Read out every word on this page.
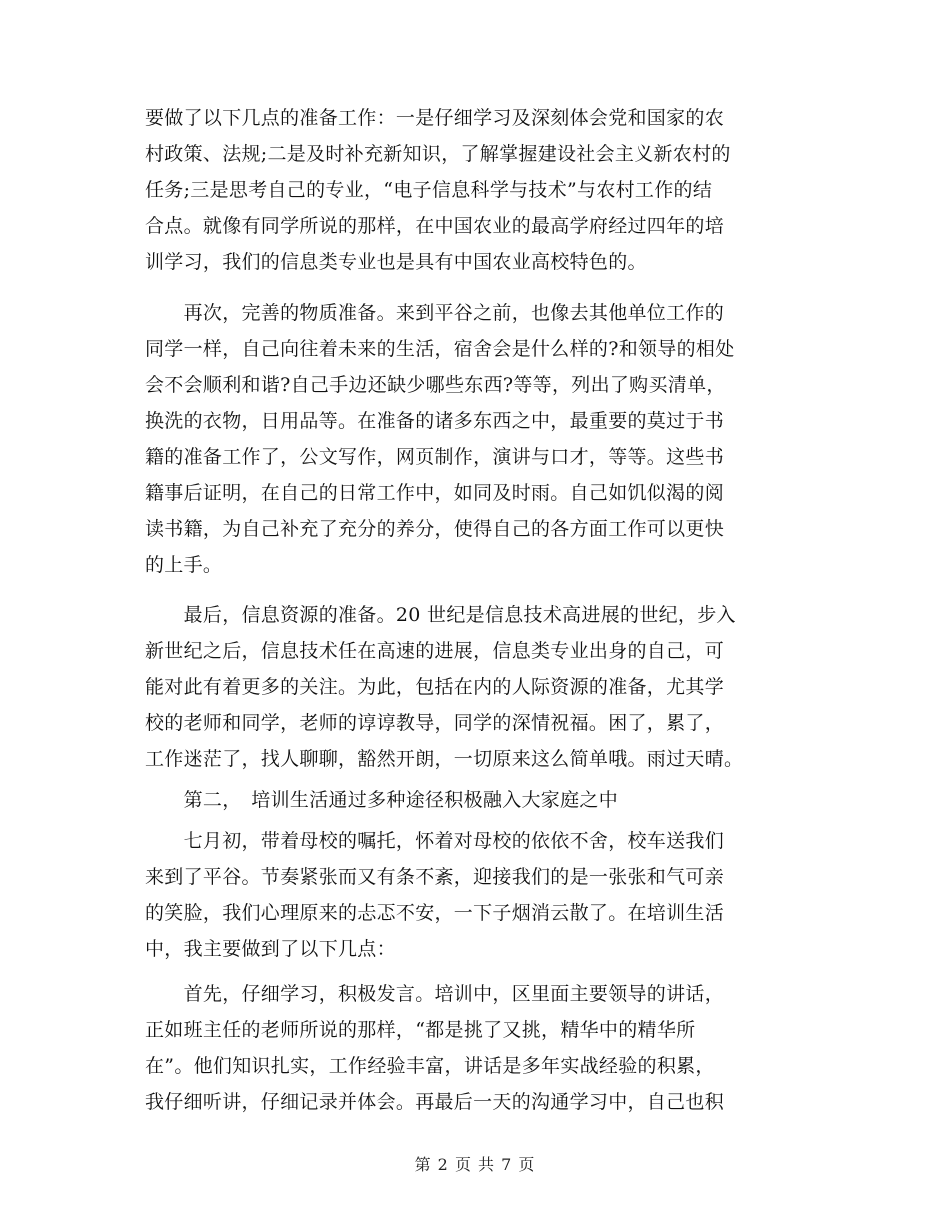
要做了以下几点的准备工作：一是仔细学习及深刻体会党和国家的农
村政策、法规;二是及时补充新知识，了解掌握建设社会主义新农村的
任务;三是思考自己的专业，“电子信息科学与技术”与农村工作的结
合点。就像有同学所说的那样，在中国农业的最高学府经过四年的培
训学习，我们的信息类专业也是具有中国农业高校特色的。
　　再次，完善的物质准备。来到平谷之前，也像去其他单位工作的
同学一样，自己向往着未来的生活，宿舍会是什么样的?和领导的相处
会不会顺利和谐?自己手边还缺少哪些东西?等等，列出了购买清单，
换洗的衣物，日用品等。在准备的诸多东西之中，最重要的莫过于书
籍的准备工作了，公文写作，网页制作，演讲与口才，等等。这些书
籍事后证明，在自己的日常工作中，如同及时雨。自己如饥似渴的阅
读书籍，为自己补充了充分的养分，使得自己的各方面工作可以更快
的上手。
　　最后，信息资源的准备。20 世纪是信息技术高进展的世纪，步入
新世纪之后，信息技术任在高速的进展，信息类专业出身的自己，可
能对此有着更多的关注。为此，包括在内的人际资源的准备，尤其学
校的老师和同学，老师的谆谆教导，同学的深情祝福。困了，累了，
工作迷茫了，找人聊聊，豁然开朗，一切原来这么简单哦。雨过天晴。
　　第二，　培训生活通过多种途径积极融入大家庭之中
　　七月初，带着母校的嘱托，怀着对母校的依依不舍，校车送我们
来到了平谷。节奏紧张而又有条不紊，迎接我们的是一张张和气可亲
的笑脸，我们心理原来的忐忑不安，一下子烟消云散了。在培训生活
中，我主要做到了以下几点：
　　首先，仔细学习，积极发言。培训中，区里面主要领导的讲话，
正如班主任的老师所说的那样，“都是挑了又挑，精华中的精华所
在”。他们知识扎实，工作经验丰富，讲话是多年实战经验的积累，
我仔细听讲，仔细记录并体会。再最后一天的沟通学习中，自己也积
第 2 页 共 7 页
